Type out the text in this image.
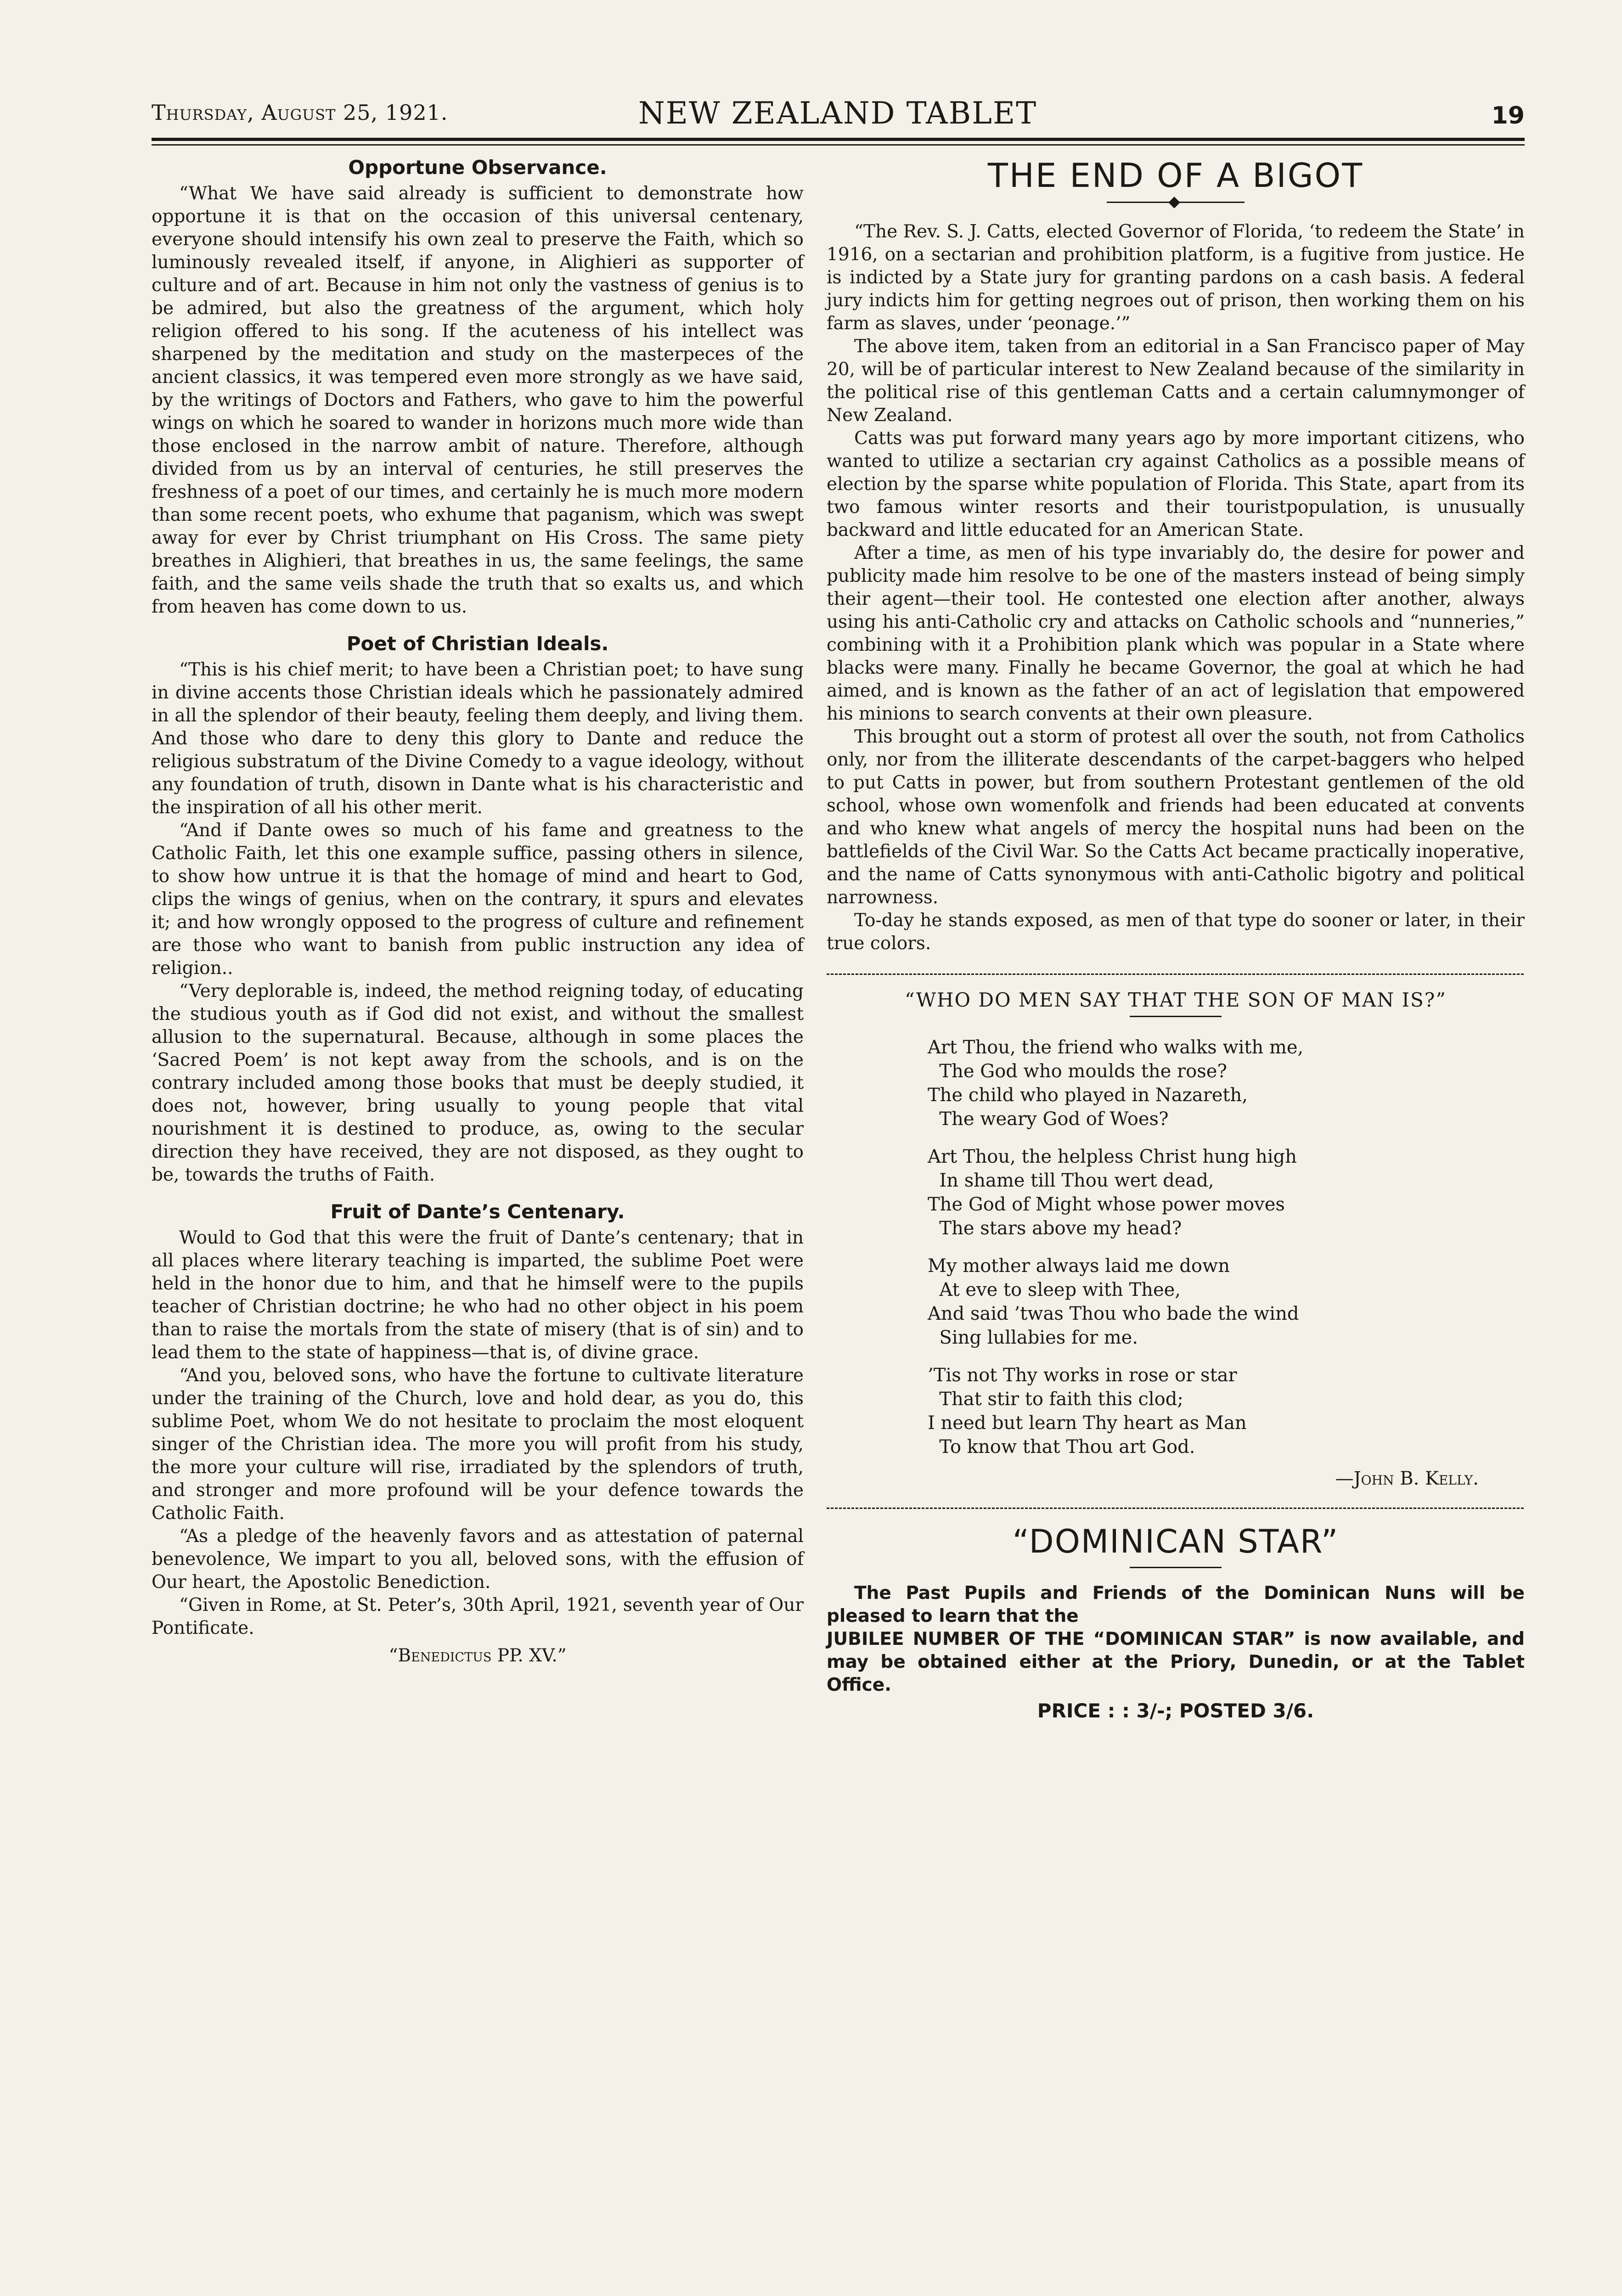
Thursday, August 25, 1921.	NEW ZEALAND TABLET	19
Opportune Observance.

“What We have said already is sufficient to demonstrate how opportune it is that on the occasion of this universal centenary, everyone should intensify his own zeal to preserve the Faith, which so luminously revealed itself, if anyone, in Alighieri as supporter of culture and of art. Because in him not only the vastness of genius is to be admired, but also the greatness of the argument, which holy religion offered to his song. If the acuteness of his intellect was sharpened by the meditation and study on the masterpeces of the ancient classics, it was tempered even more strongly as we have said, by the writings of Doctors and Fathers, who gave to him the powerful wings on which he soared to wander in horizons much more wide than those enclosed in the narrow ambit of nature. Therefore, although divided from us by an interval of centuries, he still preserves the freshness of a poet of our times, and certainly he is much more modern than some recent poets, who exhume that paganism, which was swept away for ever by Christ triumphant on His Cross. The same piety breathes in Alighieri, that breathes in us, the same feelings, the same faith, and the same veils shade the truth that so exalts us, and which from heaven has come down to us.

Poet of Christian Ideals.

“This is his chief merit; to have been a Christian poet; to have sung in divine accents those Christian ideals which he passionately admired in all the splendor of their beauty, feeling them deeply, and living them. And those who dare to deny this glory to Dante and reduce the religious substratum of the Divine Comedy to a vague ideology, without any foundation of truth, disown in Dante what is his characteristic and the inspiration of all his other merit.

“And if Dante owes so much of his fame and greatness to the Catholic Faith, let this one example suffice, passing others in silence, to show how untrue it is that the homage of mind and heart to God, clips the wings of genius, when on the contrary, it spurs and elevates it; and how wrongly opposed to the progress of culture and refinement are those who want to banish from public instruction any idea of religion..

“Very deplorable is, indeed, the method reigning today, of educating the studious youth as if God did not exist, and without the smallest allusion to the supernatural. Because, although in some places the ‘Sacred Poem’ is not kept away from the schools, and is on the contrary included among those books that must be deeply studied, it does not, however, bring usually to young people that vital nourishment it is destined to produce, as, owing to the secular direction they have received, they are not disposed, as they ought to be, towards the truths of Faith.

Fruit of Dante’s Centenary.

Would to God that this were the fruit of Dante’s centenary; that in all places where literary teaching is imparted, the sublime Poet were held in the honor due to him, and that he himself were to the pupils teacher of Christian doctrine; he who had no other object in his poem than to raise the mortals from the state of misery (that is of sin) and to lead them to the state of happiness—that is, of divine grace.

“And you, beloved sons, who have the fortune to cultivate literature under the training of the Church, love and hold dear, as you do, this sublime Poet, whom We do not hesitate to proclaim the most eloquent singer of the Christian idea. The more you will profit from his study, the more your culture will rise, irradiated by the splendors of truth, and stronger and more profound will be your defence towards the Catholic Faith.

“As a pledge of the heavenly favors and as attestation of paternal benevolence, We impart to you all, beloved sons, with the effusion of Our heart, the Apostolic Benediction.

“Given in Rome, at St. Peter’s, 30th April, 1921, seventh year of Our Pontificate.

“Benedictus PP. XV.”
THE END OF A BIGOT

“The Rev. S. J. Catts, elected Governor of Florida, ‘to redeem the State’ in 1916, on a sectarian and prohibition platform, is a fugitive from justice. He is indicted by a State jury for granting pardons on a cash basis. A federal jury indicts him for getting negroes out of prison, then working them on his farm as slaves, under ‘peonage.’”

The above item, taken from an editorial in a San Francisco paper of May 20, will be of particular interest to New Zealand because of the similarity in the political rise of this gentleman Catts and a certain calumnymonger of New Zealand.

Catts was put forward many years ago by more important citizens, who wanted to utilize a sectarian cry against Catholics as a possible means of election by the sparse white population of Florida. This State, apart from its two famous winter resorts and their touristpopulation, is unusually backward and little educated for an American State.

After a time, as men of his type invariably do, the desire for power and publicity made him resolve to be one of the masters instead of being simply their agent—their tool. He contested one election after another, always using his anti-Catholic cry and attacks on Catholic schools and “nunneries,” combining with it a Prohibition plank which was popular in a State where blacks were many. Finally he became Governor, the goal at which he had aimed, and is known as the father of an act of legislation that empowered his minions to search convents at their own pleasure.

This brought out a storm of protest all over the south, not from Catholics only, nor from the illiterate descendants of the carpet-baggers who helped to put Catts in power, but from southern Protestant gentlemen of the old school, whose own womenfolk and friends had been educated at convents and who knew what angels of mercy the hospital nuns had been on the battlefields of the Civil War. So the Catts Act became practically inoperative, and the name of Catts synonymous with anti-Catholic bigotry and political narrowness.

To-day he stands exposed, as men of that type do sooner or later, in their true colors.

“WHO DO MEN SAY THAT THE SON OF MAN IS?”
Art Thou, the friend who walks with me,
The God who moulds the rose?
The child who played in Nazareth,
The weary God of Woes?
Art Thou, the helpless Christ hung high
In shame till Thou wert dead,
The God of Might whose power moves
The stars above my head?
My mother always laid me down
At eve to sleep with Thee,
And said ’twas Thou who bade the wind
Sing lullabies for me.
’Tis not Thy works in rose or star
That stir to faith this clod;
I need but learn Thy heart as Man
To know that Thou art God.
—John B. Kelly.
“DOMINICAN STAR”

The Past Pupils and Friends of the Dominican Nuns will be pleased to learn that the

JUBILEE NUMBER OF THE “DOMINICAN STAR” is now available, and may be obtained either at the Priory, Dunedin, or at the Tablet Office.

PRICE : : 3/-; POSTED 3/6.
